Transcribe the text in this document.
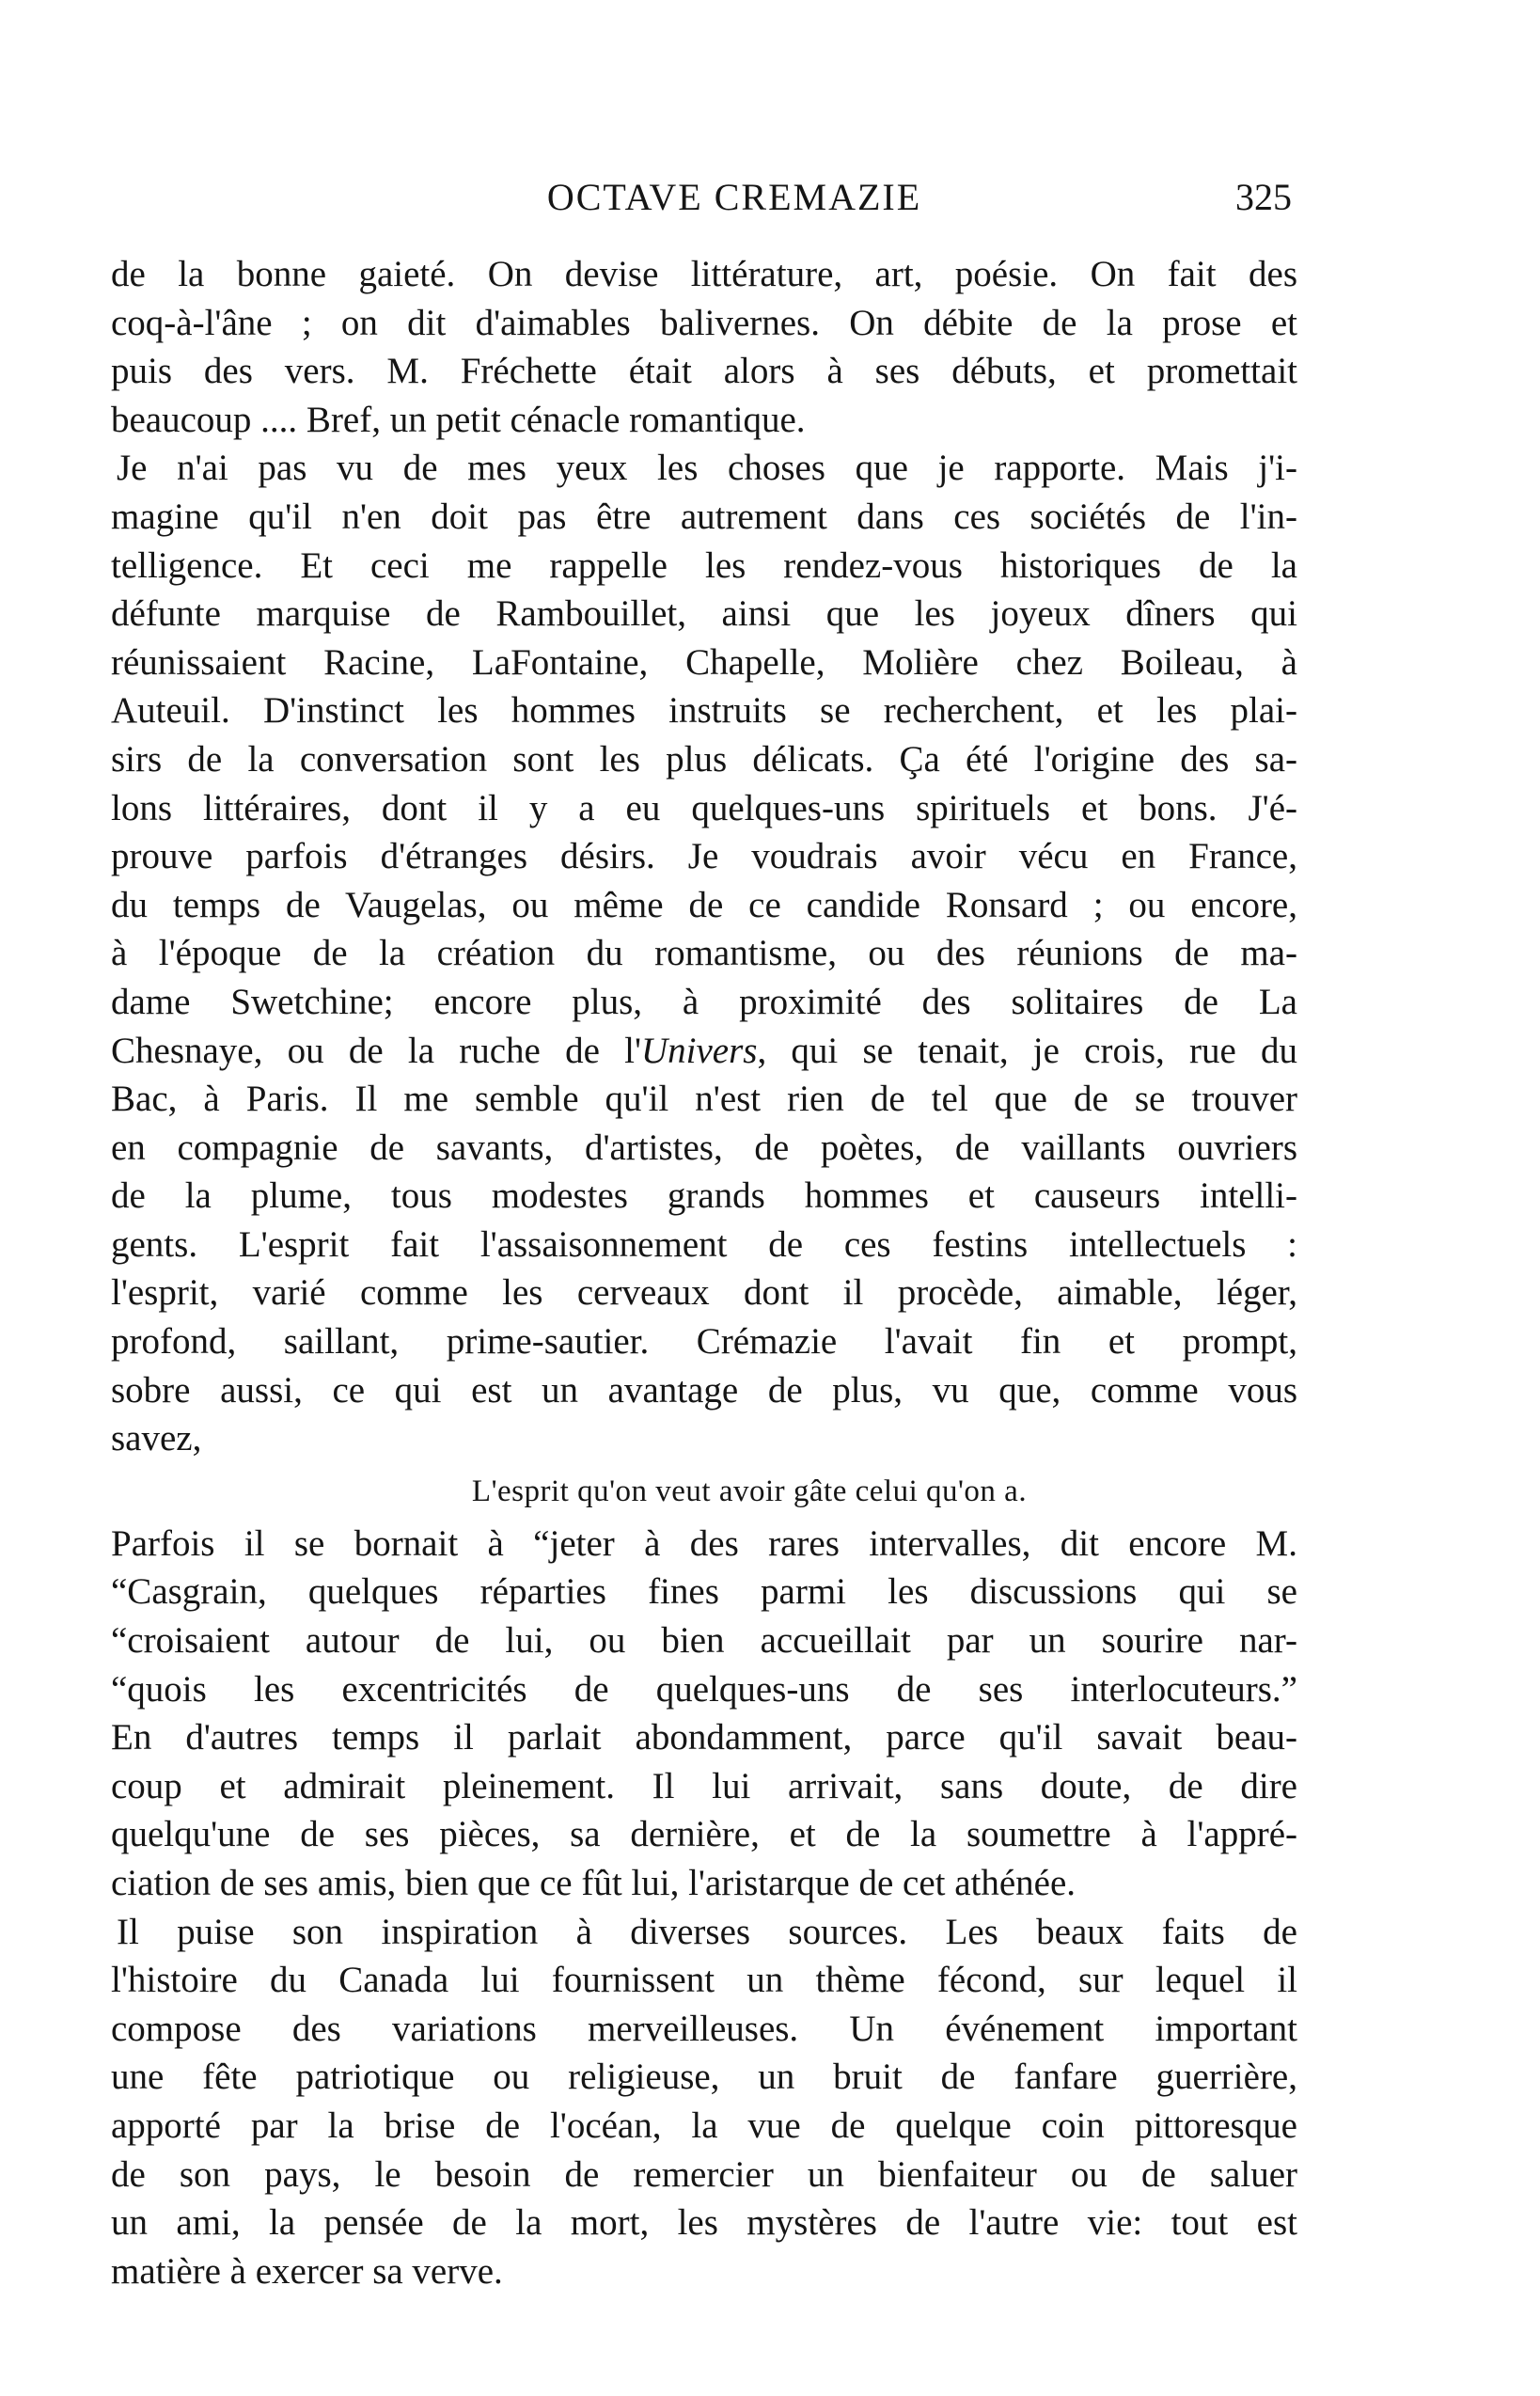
OCTAVE CREMAZIE	325
de la bonne gaieté. On devise littérature, art, poésie. On fait des
coq-à-l'âne ; on dit d'aimables balivernes. On débite de la prose et
puis des vers. M. Fréchette était alors à ses débuts, et promettait
beaucoup .... Bref, un petit cénacle romantique.
Je n'ai pas vu de mes yeux les choses que je rapporte. Mais j'i-
magine qu'il n'en doit pas être autrement dans ces sociétés de l'in-
telligence. Et ceci me rappelle les rendez-vous historiques de la
défunte marquise de Rambouillet, ainsi que les joyeux dîners qui
réunissaient Racine, LaFontaine, Chapelle, Molière chez Boileau, à
Auteuil. D'instinct les hommes instruits se recherchent, et les plai-
sirs de la conversation sont les plus délicats. Ça été l'origine des sa-
lons littéraires, dont il y a eu quelques-uns spirituels et bons. J'é-
prouve parfois d'étranges désirs. Je voudrais avoir vécu en France,
du temps de Vaugelas, ou même de ce candide Ronsard ; ou encore,
à l'époque de la création du romantisme, ou des réunions de ma-
dame Swetchine; encore plus, à proximité des solitaires de La
Chesnaye, ou de la ruche de l'Univers, qui se tenait, je crois, rue du
Bac, à Paris. Il me semble qu'il n'est rien de tel que de se trouver
en compagnie de savants, d'artistes, de poètes, de vaillants ouvriers
de la plume, tous modestes grands hommes et causeurs intelli-
gents. L'esprit fait l'assaisonnement de ces festins intellectuels :
l'esprit, varié comme les cerveaux dont il procède, aimable, léger,
profond, saillant, prime-sautier. Crémazie l'avait fin et prompt,
sobre aussi, ce qui est un avantage de plus, vu que, comme vous
savez,
L'esprit qu'on veut avoir gâte celui qu'on a.
Parfois il se bornait à “jeter à des rares intervalles, dit encore M.
“Casgrain, quelques réparties fines parmi les discussions qui se
“croisaient autour de lui, ou bien accueillait par un sourire nar-
“quois les excentricités de quelques-uns de ses interlocuteurs.”
En d'autres temps il parlait abondamment, parce qu'il savait beau-
coup et admirait pleinement. Il lui arrivait, sans doute, de dire
quelqu'une de ses pièces, sa dernière, et de la soumettre à l'appré-
ciation de ses amis, bien que ce fût lui, l'aristarque de cet athénée.
Il puise son inspiration à diverses sources. Les beaux faits de
l'histoire du Canada lui fournissent un thème fécond, sur lequel il
compose des variations merveilleuses. Un événement important
une fête patriotique ou religieuse, un bruit de fanfare guerrière,
apporté par la brise de l'océan, la vue de quelque coin pittoresque
de son pays, le besoin de remercier un bienfaiteur ou de saluer
un ami, la pensée de la mort, les mystères de l'autre vie: tout est
matière à exercer sa verve.
